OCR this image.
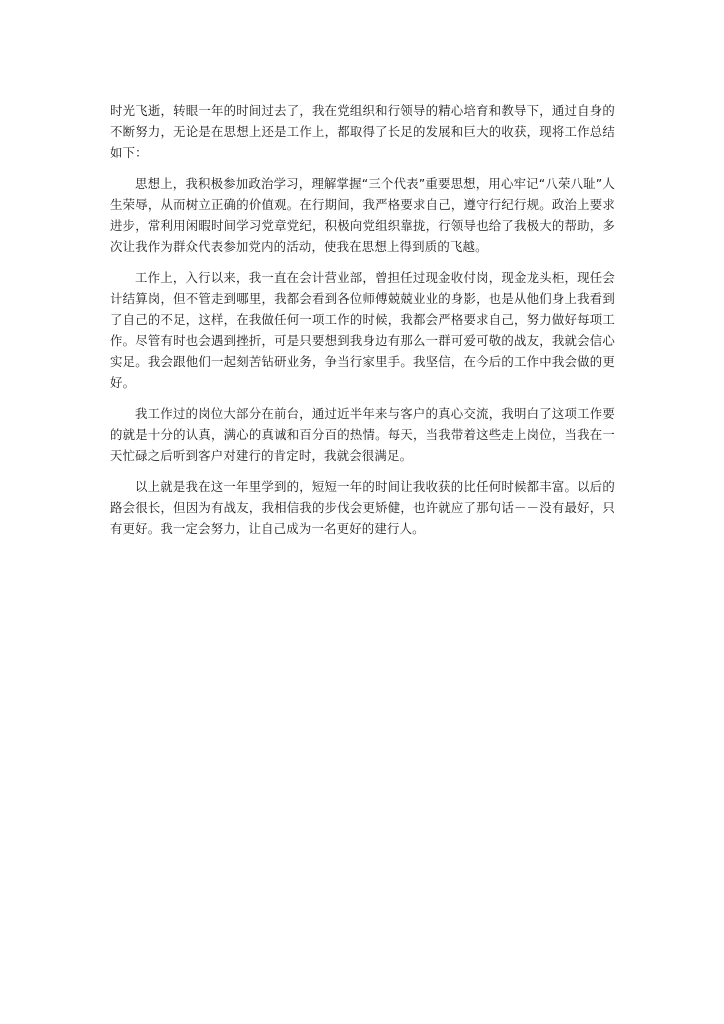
时光飞逝，转眼一年的时间过去了，我在党组织和行领导的精心培育和教导下，通过自身的不断努力，无论是在思想上还是工作上，都取得了长足的发展和巨大的收获，现将工作总结如下：

思想上，我积极参加政治学习，理解掌握“三个代表”重要思想，用心牢记“八荣八耻”人生荣辱，从而树立正确的价值观。在行期间，我严格要求自己，遵守行纪行规。政治上要求进步，常利用闲暇时间学习党章党纪，积极向党组织靠拢，行领导也给了我极大的帮助，多次让我作为群众代表参加党内的活动，使我在思想上得到质的飞越。

工作上，入行以来，我一直在会计营业部，曾担任过现金收付岗，现金龙头柜，现任会计结算岗，但不管走到哪里，我都会看到各位师傅兢兢业业的身影，也是从他们身上我看到了自己的不足，这样，在我做任何一项工作的时候，我都会严格要求自己，努力做好每项工作。尽管有时也会遇到挫折，可是只要想到我身边有那么一群可爱可敬的战友，我就会信心实足。我会跟他们一起刻苦钻研业务，争当行家里手。我坚信，在今后的工作中我会做的更好。

我工作过的岗位大部分在前台，通过近半年来与客户的真心交流，我明白了这项工作要的就是十分的认真，满心的真诚和百分百的热情。每天，当我带着这些走上岗位，当我在一天忙碌之后听到客户对建行的肯定时，我就会很满足。

以上就是我在这一年里学到的，短短一年的时间让我收获的比任何时候都丰富。以后的路会很长，但因为有战友，我相信我的步伐会更矫健，也许就应了那句话－－没有最好，只有更好。我一定会努力，让自己成为一名更好的建行人。
